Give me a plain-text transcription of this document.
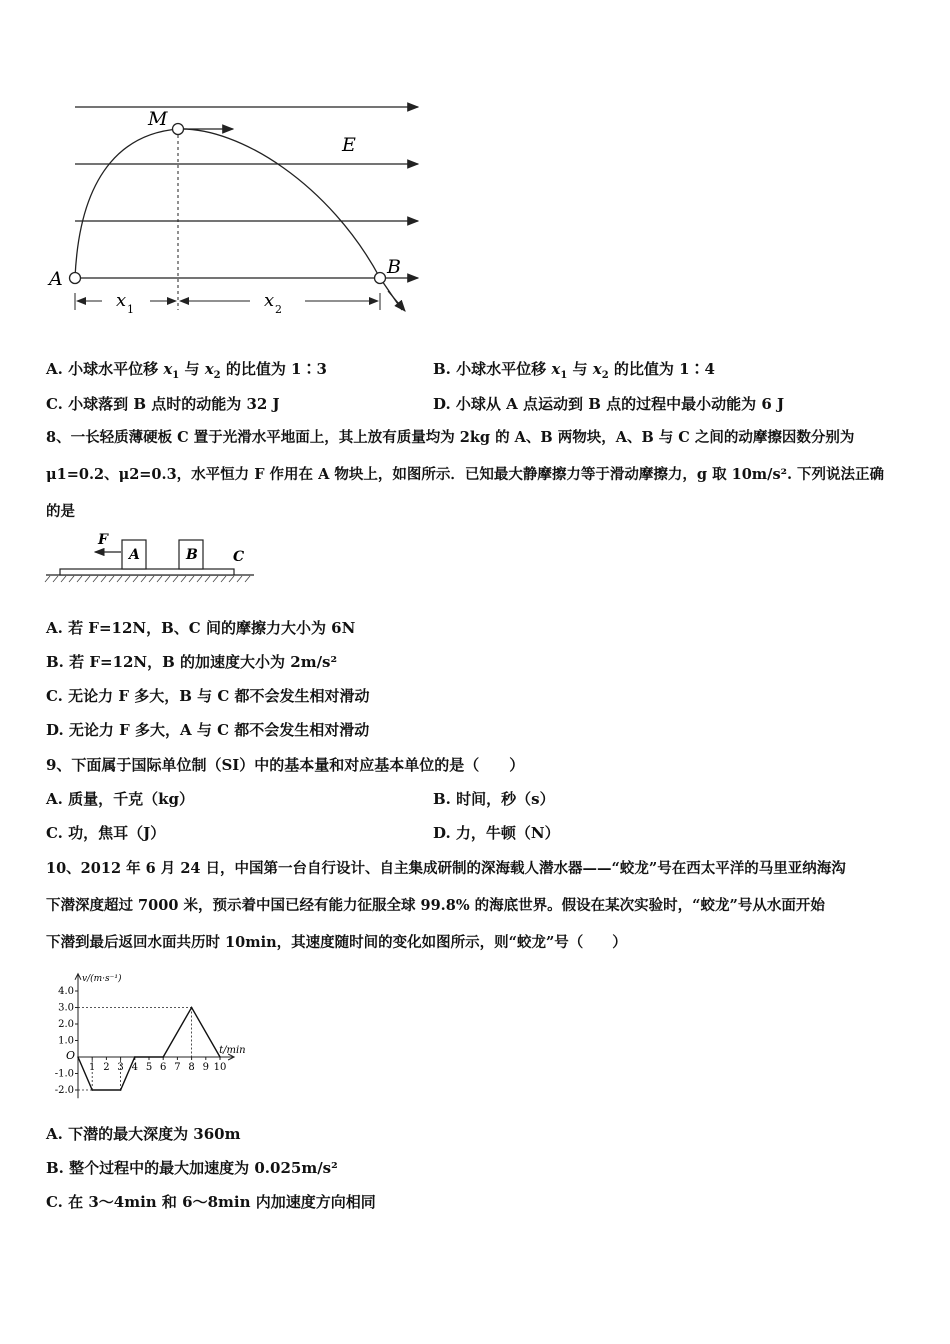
M
E
A
B
x 1	x 2
A. 小球水平位移 $x_1$ 与 $x_2$ 的比值为 1∶3	B. 小球水平位移 $x_1$ 与 $x_2$ 的比值为 1∶4
C. 小球落到 B 点时的动能为 32 J	D. 小球从 A 点运动到 B 点的过程中最小动能为 6 J
8、一长轻质薄硬板 C 置于光滑水平地面上，其上放有质量均为 2kg 的 A、B 两物块，A、B 与 C 之间的动摩擦因数分别为
μ1=0.2、μ2=0.3，水平恒力 F 作用在 A 物块上，如图所示．已知最大静摩擦力等于滑动摩擦力，g 取 10m/s². 下列说法正确
的是
F
A	B	C
A. 若 F=12N，B、C 间的摩擦力大小为 6N
B. 若 F=12N，B 的加速度大小为 2m/s²
C. 无论力 F 多大，B 与 C 都不会发生相对滑动
D. 无论力 F 多大，A 与 C 都不会发生相对滑动
9、下面属于国际单位制（SI）中的基本量和对应基本单位的是（　　）
A. 质量，千克（kg）	B. 时间，秒（s）
C. 功，焦耳（J）	D. 力，牛顿（N）
10、2012 年 6 月 24 日，中国第一台自行设计、自主集成研制的深海载人潜水器——“蛟龙”号在西太平洋的马里亚纳海沟
下潜深度超过 7000 米，预示着中国已经有能力征服全球 99.8% 的海底世界。假设在某次实验时，“蛟龙”号从水面开始
下潜到最后返回水面共历时 10min，其速度随时间的变化如图所示，则“蛟龙”号（　　）
v/(m·s⁻¹)
t/min
O
4.0
3.0
2.0
1.0
-1.0
-2.0
1 2 3 4 5 6 7 8 9 10
A. 下潜的最大深度为 360m
B. 整个过程中的最大加速度为 0.025m/s²
C. 在 3～4min 和 6～8min 内加速度方向相同
